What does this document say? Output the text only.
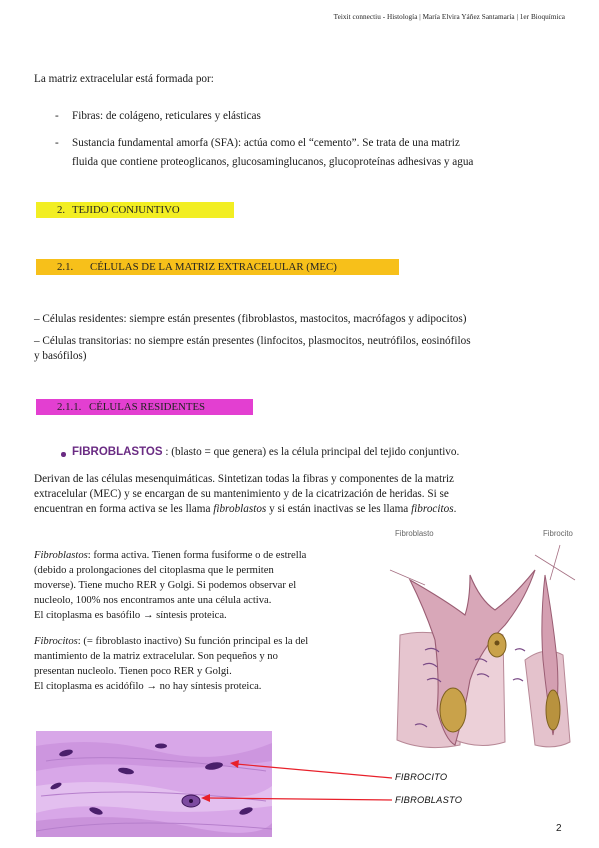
Teixit connectiu - Histología | María Elvira Yáñez Santamaría | 1er Bioquímica
La matriz extracelular está formada por:
- Fibras: de colágeno, reticulares y elásticas
- Sustancia fundamental amorfa (SFA): actúa como el “cemento”. Se trata de una matriz
fluida que contiene proteoglicanos, glucosaminglucanos, glucoproteínas adhesivas y agua
2. TEJIDO CONJUNTIVO
2.1. CÉLULAS DE LA MATRIZ EXTRACELULAR (MEC)
– Células residentes: siempre están presentes (fibroblastos, mastocitos, macrófagos y adipocitos)
– Células transitorias: no siempre están presentes (linfocitos, plasmocitos, neutrófilos, eosinófilos
y basófilos)
2.1.1. CÉLULAS RESIDENTES
FIBROBLASTOS : (blasto = que genera) es la célula principal del tejido conjuntivo.
Derivan de las células mesenquimáticas. Sintetizan todas la fibras y componentes de la matriz
extracelular (MEC) y se encargan de su mantenimiento y de la cicatrización de heridas. Si se
encuentran en forma activa se les llama fibroblastos y si están inactivas se les llama fibrocitos.
Fibroblastos: forma activa. Tienen forma fusiforme o de estrella
(debido a prolongaciones del citoplasma que le permiten
moverse). Tiene mucho RER y Golgi. Si podemos observar el
nucleolo, 100% nos encontramos ante una célula activa.
El citoplasma es basófilo → síntesis proteica.
Fibrocitos: (= fibroblasto inactivo) Su función principal es la del
mantimiento de la matriz extracelular. Son pequeños y no
presentan nucleolo. Tienen poco RER y Golgi.
El citoplasma es acidófilo → no hay síntesis proteica.
Fibroblasto	Fibrocito
FIBROCITO
FIBROBLASTO
2
